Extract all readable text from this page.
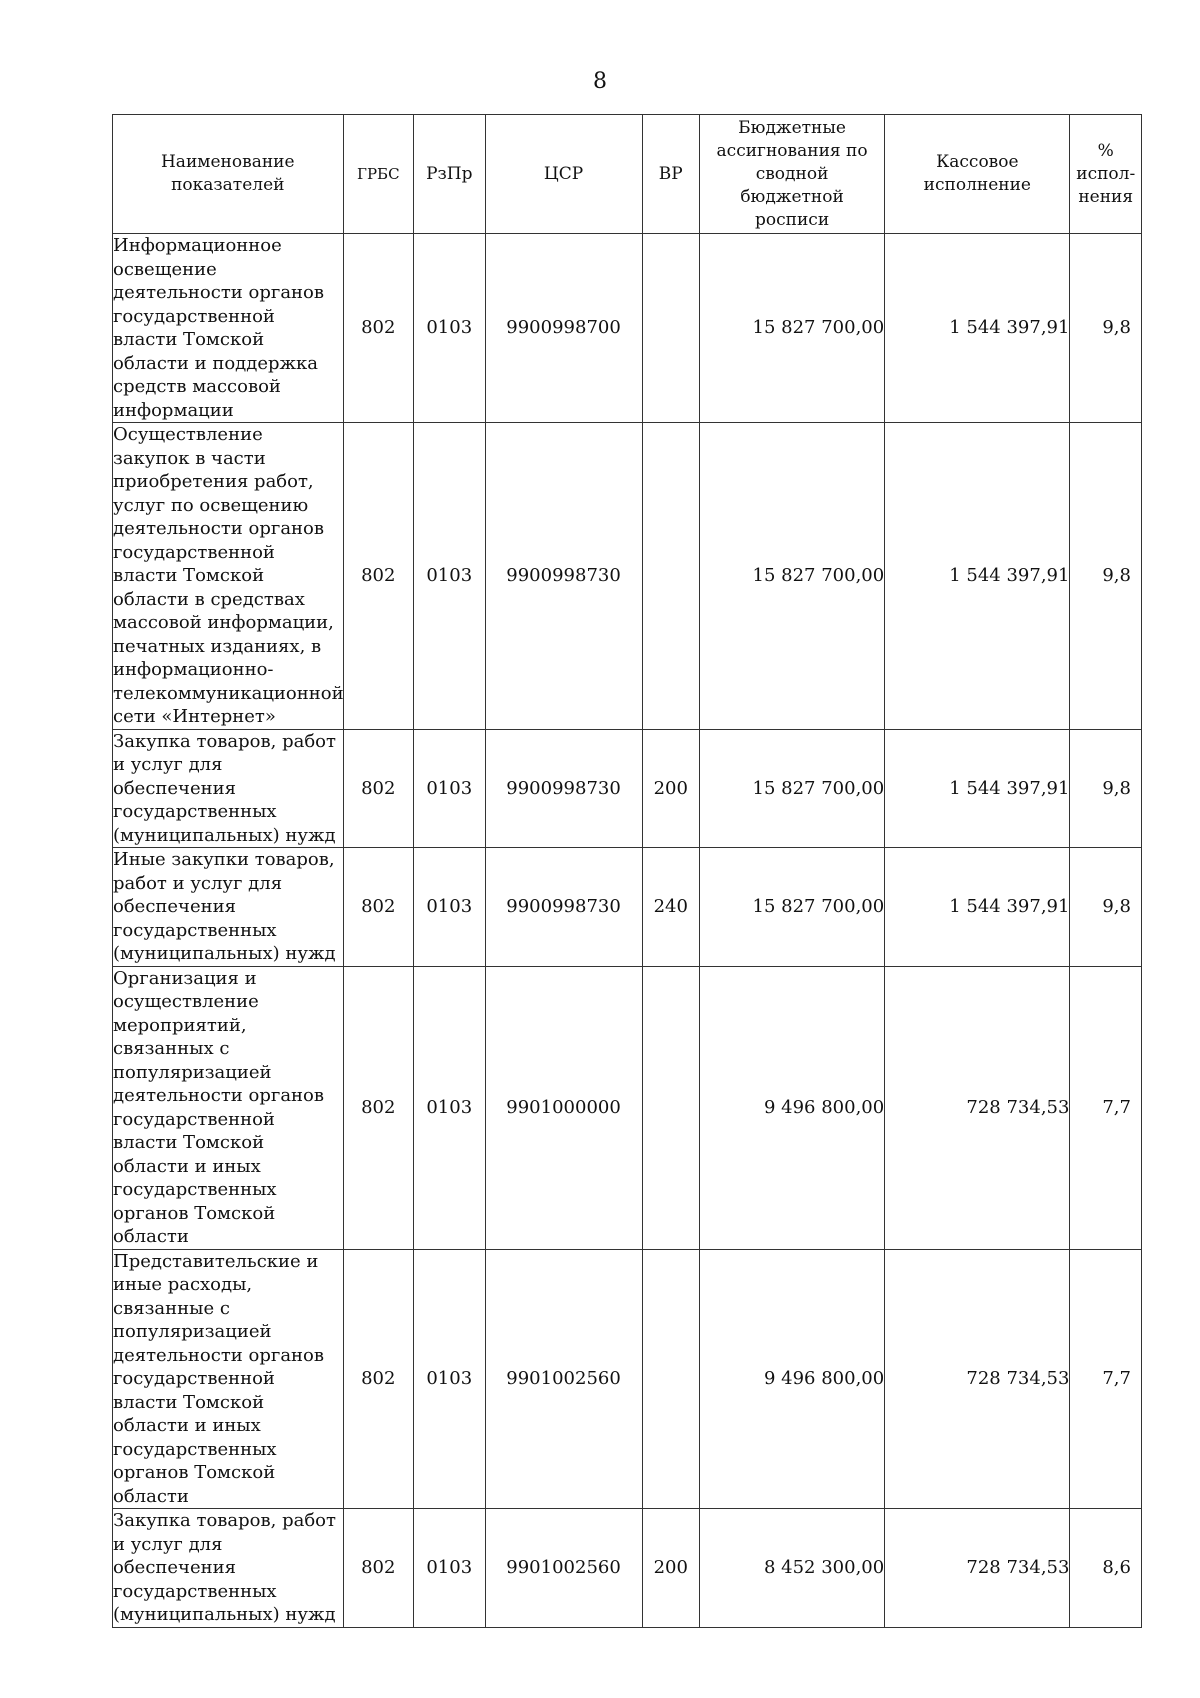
8
Наименование показателей	ГРБС	РзПр	ЦСР	ВР	Бюджетные ассигнования по сводной бюджетной росписи	Кассовое исполнение	% испол-нения
Информационное освещение деятельности органов государственной власти Томской области и поддержка средств массовой информации	802	0103	9900998700		15 827 700,00	1 544 397,91	9,8
Осуществление закупок в части приобретения работ, услуг по освещению деятельности органов государственной власти Томской области в средствах массовой информации, печатных изданиях, в информационно-телекоммуникационной сети «Интернет»	802	0103	9900998730		15 827 700,00	1 544 397,91	9,8
Закупка товаров, работ и услуг для обеспечения государственных (муниципальных) нужд	802	0103	9900998730	200	15 827 700,00	1 544 397,91	9,8
Иные закупки товаров, работ и услуг для обеспечения государственных (муниципальных) нужд	802	0103	9900998730	240	15 827 700,00	1 544 397,91	9,8
Организация и осуществление мероприятий, связанных с популяризацией деятельности органов государственной власти Томской области и иных государственных органов Томской области	802	0103	9901000000		9 496 800,00	728 734,53	7,7
Представительские и иные расходы, связанные с популяризацией деятельности органов государственной власти Томской области и иных государственных органов Томской области	802	0103	9901002560		9 496 800,00	728 734,53	7,7
Закупка товаров, работ и услуг для обеспечения государственных (муниципальных) нужд	802	0103	9901002560	200	8 452 300,00	728 734,53	8,6
